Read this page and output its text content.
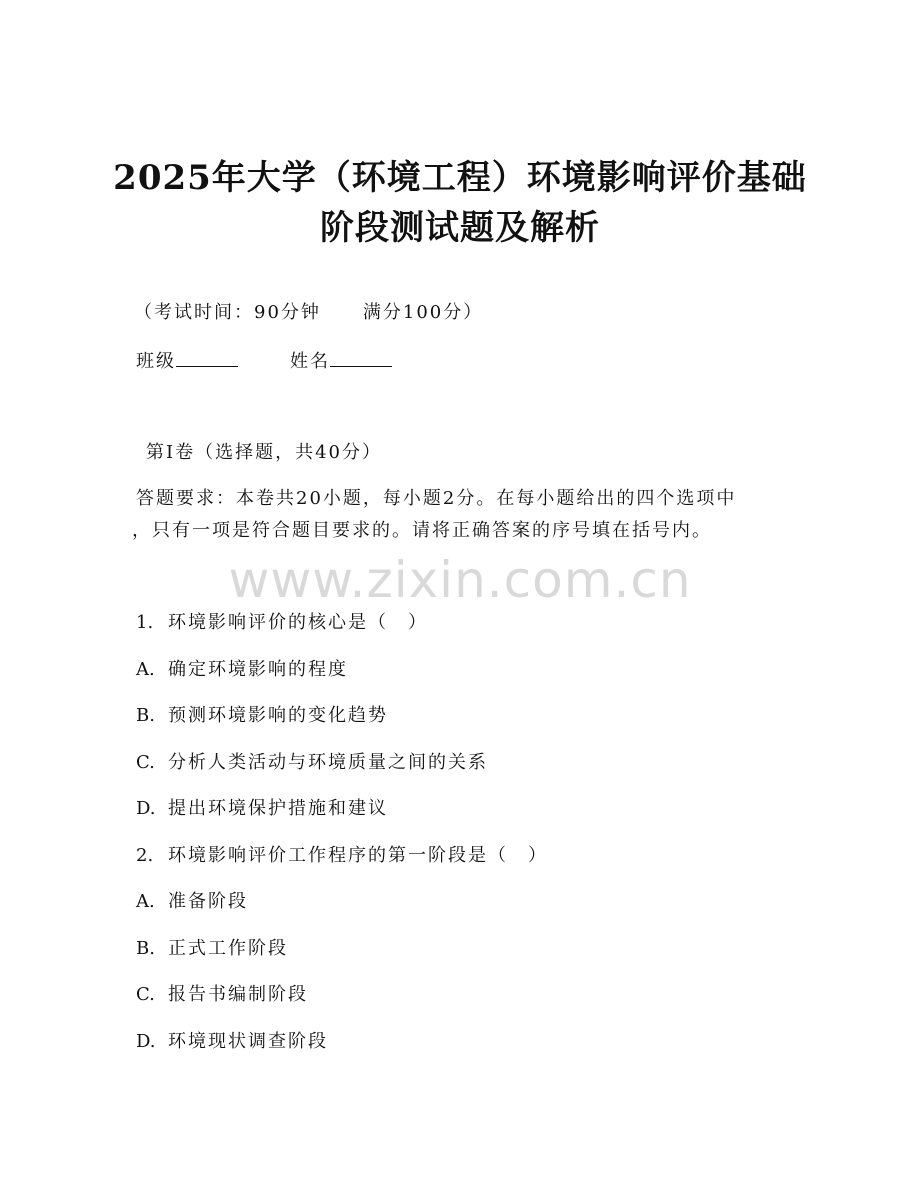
2025年大学（环境工程）环境影响评价基础
阶段测试题及解析
（考试时间：90分钟 满分100分）
班级	姓名
第I卷（选择题，共40分）
答题要求：本卷共20小题，每小题2分。在每小题给出的四个选项中
，只有一项是符合题目要求的。请将正确答案的序号填在括号内。
www.zixin.com.cn
1. 环境影响评价的核心是（　）
A. 确定环境影响的程度
B. 预测环境影响的变化趋势
C. 分析人类活动与环境质量之间的关系
D. 提出环境保护措施和建议
2. 环境影响评价工作程序的第一阶段是（　）
A. 准备阶段
B. 正式工作阶段
C. 报告书编制阶段
D. 环境现状调查阶段
